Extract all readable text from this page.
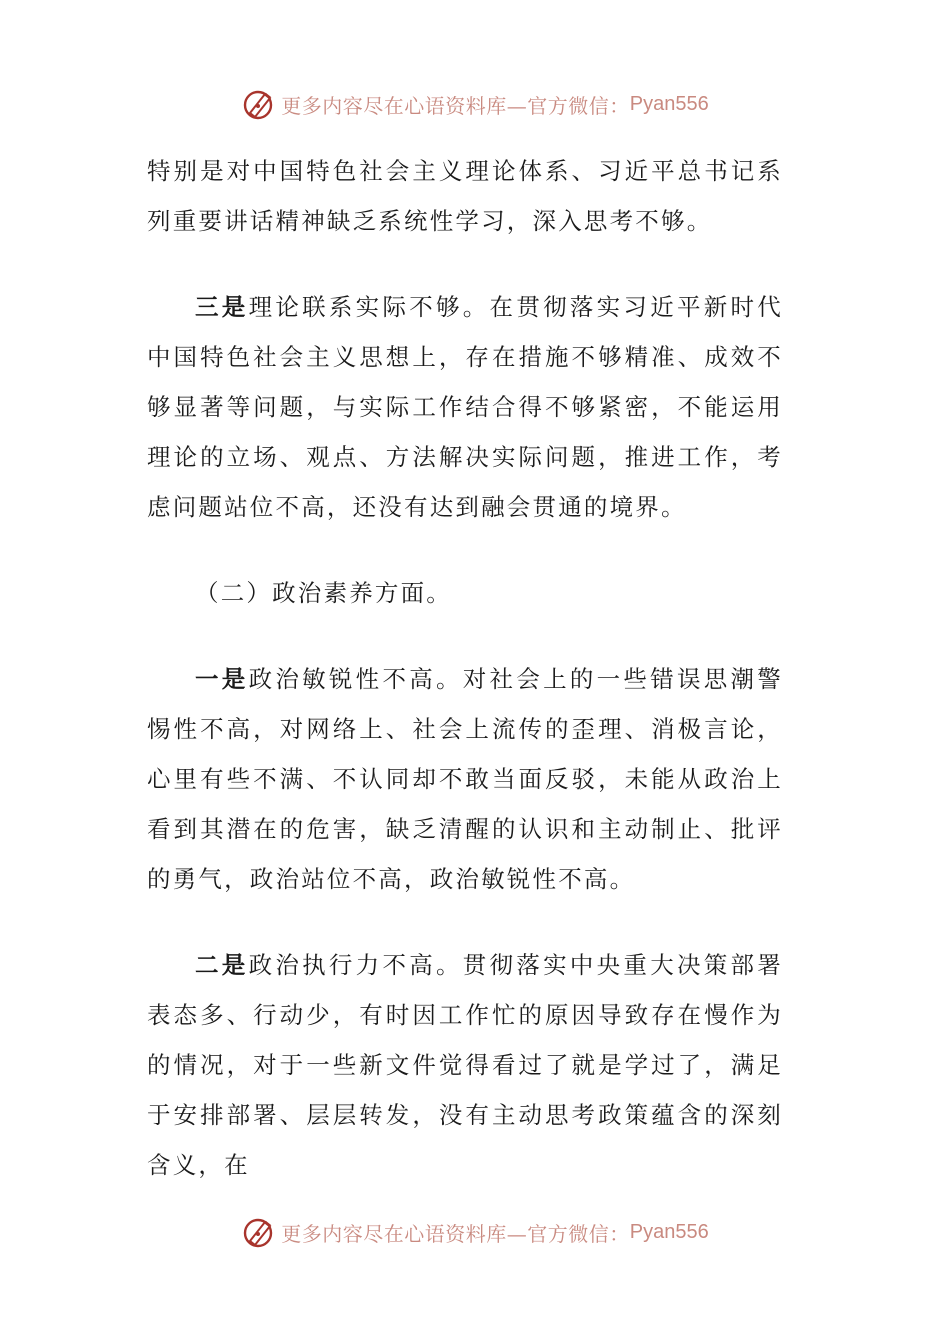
更多内容尽在心语资料库—官方微信： Pyan556

特别是对中国特色社会主义理论体系、习近平总书记系列重要讲话精神缺乏系统性学习，深入思考不够。

三是理论联系实际不够。在贯彻落实习近平新时代中国特色社会主义思想上，存在措施不够精准、成效不够显著等问题，与实际工作结合得不够紧密，不能运用理论的立场、观点、方法解决实际问题，推进工作，考虑问题站位不高，还没有达到融会贯通的境界。

（二）政治素养方面。

一是政治敏锐性不高。对社会上的一些错误思潮警惕性不高，对网络上、社会上流传的歪理、消极言论，心里有些不满、不认同却不敢当面反驳，未能从政治上看到其潜在的危害，缺乏清醒的认识和主动制止、批评的勇气，政治站位不高，政治敏锐性不高。

二是政治执行力不高。贯彻落实中央重大决策部署表态多、行动少，有时因工作忙的原因导致存在慢作为的情况，对于一些新文件觉得看过了就是学过了，满足于安排部署、层层转发，没有主动思考政策蕴含的深刻含义，在

更多内容尽在心语资料库—官方微信： Pyan556
